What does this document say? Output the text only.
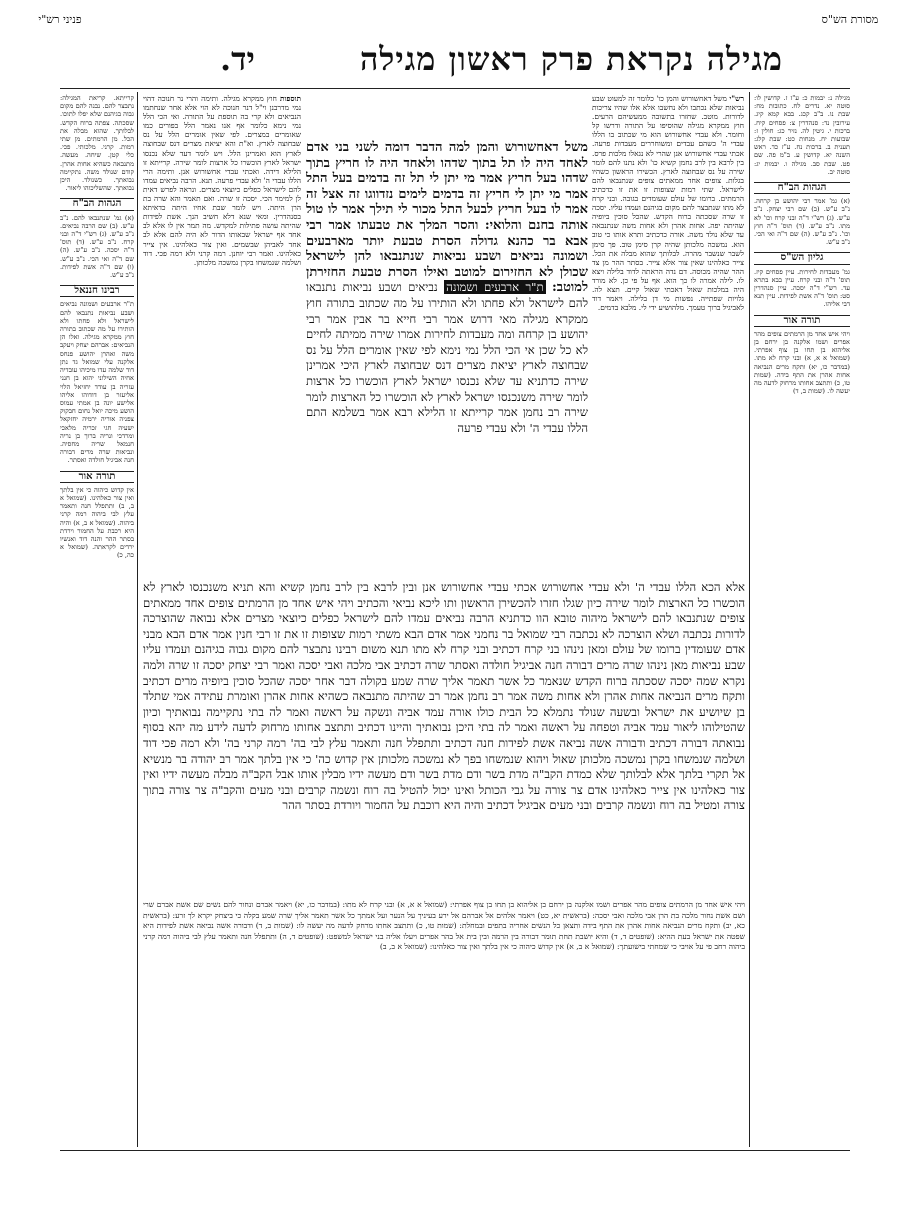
פניני רש"י
יד.	מגילה נקראת פרק ראשון מגילה
מסורת הש"ס

קרייתא. קריאת המגילה: נתבצר להם. נבנה להם מקום גבוה בגיהנם שלא יפלו לתוכו. שסכתה. צפתה ברוח הקדש. לבלותך. שהוא מבלה את הכל. מן הרמתים. מן שתי רמות. קרני. מלכותי. פכי. כלי קטן. שיחה. מעשה. מתנבאה כשהיא אחות אהרן. קודם שנולד משה. נתקיימה נבואתך. כשנולד. היכן נבואתך. שהשליכוהו ליאור.

הגהות הב"ח

(א) גמ' שנתנבאו להם. נ"ב ע"ש. (ב) שם הרבה נביאים. נ"ב ע"ש. (ג) רש"י ד"ה ובני קרח. נ"ב ע"ש. (ד) תוס' ד"ה יסכה. נ"ב ע"ש. (ה) שם ד"ה ואי הכי. נ"ב ע"ש. (ו) שם ד"ה אשת לפידות. נ"ב ע"ש.

רבינו חננאל

ת"ר ארבעים ושמונה נביאים ושבע נביאות נתנבאו להם לישראל ולא פחתו ולא הותירו על מה שכתוב בתורה חוץ ממקרא מגילה. ואלו הן הנביאים: אברהם יצחק ויעקב משה ואהרן יהושע פנחס אלקנה עלי שמואל גד נתן דוד שלמה עדו מיכיהו עובדיה אחיה השילוני יהוא בן חנני עזריה בן עודד יחזיאל הלוי אליעזר בן דודוהו אליהו אלישע יונה בן אמתי עמוס הושע מיכה יואל נחום חבקוק צפניה אוריה ירמיה יחזקאל ישעיה חגי זכריה מלאכי ומרדכי ונריה ברוך בן נריה חנמאל שריה מחסיה. ונביאות שרה מרים דבורה חנה אביגיל חולדה ואסתר.

תורה אור

אין קדוש כיהוה כי אין בלתך ואין צור כאלהינו. (שמואל א ב, ב) ותתפלל חנה ותאמר עלץ לבי ביהוה רמה קרני ביהוה. (שמואל א ב, א) והיה היא רכבת על החמור וירדת בסתר ההר והנה דוד ואנשיו ירדים לקראתה. (שמואל א כה, כ)

תוספות חוץ ממקרא מגילה. ותימה והרי נר חנוכה דהוי נמי מדרבנן וי"ל דנר חנוכה לא הוי אלא אחר שנחתמו הנביאים ולא קרי בה תוספת על התורה. ואי הכי הלל נמי נימא כלומר אף אנו נאמר הלל בפורים כמו שאומרים במצרים. לפי שאין אומרים הלל על נס שבחוצה לארץ. וא"ת והא יציאת מצרים דנס שבחוצה לארץ הוא ואמרינן הלל. ויש לומר דעד שלא נכנסו ישראל לארץ הוכשרו כל ארצות לומר שירה. קרייתא זו הלילא דידה. ואכתי עבדי אחשורוש אנן. ותימה הרי הללו עבדי ה' ולא עבדי פרעה. תנא. הרבה נביאים עמדו להם לישראל כפלים כיוצאי מצרים. ונראה לפרש דאית לן למימר הכי. יסכה זו שרה. ואם תאמר והא שרה בת הרן היתה. ויש לומר שבת אחיו היתה כדאיתא בסנהדרין. ומאי שנא דלא חשיב הנך. אשת לפידות שהיתה עושה פתילות למקדש. מה תמר אין לו אלא לב אחד אף ישראל שבאותו הדור לא היה להם אלא לב אחד לאביהן שבשמים. ואין צור כאלהינו. אין צייר כאלהינו. ואמר רבי יוחנן. רמה קרני ולא רמה פכי. דוד ושלמה שנמשחו בקרן נמשכה מלכותן.

רש"י משל דאחשורוש והמן כו' כלומר זה למעוט שבע נביאות שלא נכתבו ולא נחשבו אלא אלו שהיו צריכות לדורות. מוטב. שחזרו בתשובה ממעשיהם הרעים. חוץ ממקרא מגילה שהוסיפו על התורה ודרשו קל וחומר. ולא עבדי אחשורוש הוא מי שכתוב בו הללו עבדי ה' כשהם עבדים ומשוחררים מעבדות פרעה. אכתי עבדי אחשורוש אנן שהרי לא נגאלו מלכות פרס. בין לרבא בין לרב נחמן קשיא כו' ולא נתנו להם לומר שירה על נס שבחוצה לארץ. הכשירו הראשון כשהיו בגלות. צופים אחד ממאתים צופים שנתנבאו להם לישראל. שתי רמות שצופות זו את זו כדכתיב הרמתים. ברומו של עולם שעומדים בגובה. ובני קרח לא מתו שנתבצר להם מקום בגיהנם ועמדו עליו. יסכה זו שרה שסכתה ברוח הקדש. שהכל סוכין ביופיה שהיתה יפה. אחות אהרן ולא אחות משה שנתנבאה עד שלא נולד משה. אורה כדכתיב ותרא אותו כי טוב הוא. נמשכה מלכותן שהיה קרן סימן טוב. פך סימן לשבר שנשבר מהרה. לבלותך שהוא מבלה את הכל. צייר כאלהינו שאין צור אלא צייר. בסתר ההר מן צד ההר שהיה מכוסה. דם נדה הראתה לדוד בלילה ויצא לו. לילה אמרה לו כך הוא. אף על פי כן. לא מורד היה במלכות שאול דאכתי שאול קיים. תצא לה. גלויות שפתייה. נפשות מי דן בלילה. ויאמר דוד לאביגיל ברוך טעמך. מלהושיע ידי לי. מלבא בדמים.

משל דאחשורוש והמן למה הדבר דומה לשני בני אדם לאחד היה לו תל בתוך שדהו ולאחד היה לו חריץ בתוך שדהו בעל חריץ אמר מי יתן לי תל זה בדמים בעל התל אמר מי יתן לי חריץ זה בדמים לימים נזדווגו זה אצל זה אמר לו בעל חריץ לבעל התל מכור לי תילך אמר לו טול אותה בחנם והלואי: והסר המלך את טבעתו אמר רבי אבא בר כהנא גדולה הסרת טבעת יותר מארבעים ושמונה נביאים ושבע נביאות שנתנבאו להן לישראל שכולן לא החזירום למוטב ואילו הסרת טבעת החזירתן למוטב: ת"ר ארבעים ושמונה נביאים ושבע נביאות נתנבאו להם לישראל ולא פחתו ולא הותירו על מה שכתוב בתורה חוץ ממקרא מגילה מאי דרוש אמר רבי חייא בר אבין אמר רבי יהושע בן קרחה ומה מעבדות לחירות אמרו שירה ממיתה לחיים לא כל שכן אי הכי הלל נמי נימא לפי שאין אומרים הלל על נס שבחוצה לארץ יציאת מצרים דנס שבחוצה לארץ היכי אמרינן שירה כדתניא עד שלא נכנסו ישראל לארץ הוכשרו כל ארצות לומר שירה משנכנסו ישראל לארץ לא הוכשרו כל הארצות לומר שירה רב נחמן אמר קרייתא זו הלילא רבא אמר בשלמא התם הללו עבדי ה' ולא עבדי פרעה

אלא הכא הללו עבדי ה' ולא עבדי אחשורוש אכתי עבדי אחשורוש אנן ובין לרבא בין לרב נחמן קשיא והא תניא משנכנסו לארץ לא הוכשרו כל הארצות לומר שירה כיון שגלו חזרו להכשירן הראשון ותו ליכא נביאי והכתיב ויהי איש אחד מן הרמתים צופים אחד ממאתים צופים שנתנבאו להם לישראל מיהוה טובא הוו כדתניא הרבה נביאים עמדו להם לישראל כפלים כיוצאי מצרים אלא נבואה שהוצרכה לדורות נכתבה ושלא הוצרכה לא נכתבה רבי שמואל בר נחמני אמר אדם הבא משתי רמות שצופות זו את זו רבי חנין אמר אדם הבא מבני אדם שעומדין ברומו של עולם ומאן נינהו בני קרח דכתיב ובני קרח לא מתו תנא משום רבינו נתבצר להם מקום גבוה בגיהנם ועמדו עליו שבע נביאות מאן נינהו שרה מרים דבורה חנה אביגיל חולדה ואסתר שרה דכתיב אבי מלכה ואבי יסכה ואמר רבי יצחק יסכה זו שרה ולמה נקרא שמה יסכה שסכתה ברוח הקדש שנאמר כל אשר תאמר אליך שרה שמע בקולה דבר אחר יסכה שהכל סוכין ביופיה מרים דכתיב ותקח מרים הנביאה אחות אהרן ולא אחות משה אמר רב נחמן אמר רב שהיתה מתנבאה כשהיא אחות אהרן ואומרת עתידה אמי שתלד בן שיושיע את ישראל ובשעה שנולד נתמלא כל הבית כולו אורה עמד אביה ונשקה על ראשה ואמר לה בתי נתקיימה נבואתיך וכיון שהטילוהו ליאור עמד אביה וטפחה על ראשה ואמר לה בתי היכן נבואתיך והיינו דכתיב ותתצב אחותו מרחוק לדעה לידע מה יהא בסוף נבואתה דבורה דכתיב ודבורה אשה נביאה אשת לפידות חנה דכתיב ותתפלל חנה ותאמר עלץ לבי בה' רמה קרני בה' ולא רמה פכי דוד ושלמה שנמשחו בקרן נמשכה מלכותן שאול ויהוא שנמשחו בפך לא נמשכה מלכותן אין קדוש כה' כי אין בלתך אמר רב יהודה בר מנשיא אל תקרי בלתך אלא לבלותך שלא כמדת הקב"ה מדת בשר ודם מדת בשר ודם מעשה ידיו מבלין אותו אבל הקב"ה מבלה מעשה ידיו ואין צור כאלהינו אין צייר כאלהינו אדם צר צורה על גבי הכותל ואינו יכול להטיל בה רוח ונשמה קרבים ובני מעים והקב"ה צר צורה בתוך צורה ומטיל בה רוח ונשמה קרבים ובני מעים אביגיל דכתיב והיה היא רוכבת על החמור ויורדת בסתר ההר

מגילה נ: יבמות כ: ע"ז ז. קדושין לו: סוטה יא. נדרים לח. כתובות מח: שבת נו. ב"ב קכג. בבא קמא קיג. עירובין נד: סנהדרין צ: פסחים קיח. ברכות י. גיטין לה. נזיר כג: חולין ז: שבועות יח. מנחות כט: שבת קלג: תענית ב. ברכות נח. ע"ז כד. ראש השנה יא. קדושין ע. ב"מ פה. שם פט. שבת סב. מגילה ו. יבמות יג: סוטה יב.

הגהות הב"ח

(א) גמ' אמר רבי יהושע בן קרחה. נ"ב ע"ש. (ב) שם רבי יצחק. נ"ב ע"ש. (ג) רש"י ד"ה ובני קרח וכו' לא מתו. נ"ב ע"ש. (ד) תוס' ד"ה חוץ וכו'. נ"ב ע"ש. (ה) שם ד"ה ואי הכי. נ"ב ע"ש.

גליון הש"ס

גמ' מעבדות לחירות. עיין פסחים קיז. תוס' ד"ה ובני קרח. עיין בבא בתרא עד. רש"י ד"ה יסכה. עיין סנהדרין סט: תוס' ד"ה אשת לפידות. עיין תנא דבי אליהו.

תורה אור

ויהי איש אחד מן הרמתים צופים מהר אפרים ושמו אלקנה בן ירחם בן אליהוא בן תחו בן צוף אפרתי. (שמואל א א, א) ובני קרח לא מתו. (במדבר כו, יא) ותקח מרים הנביאה אחות אהרן את התף בידה. (שמות טו, כ) ותתצב אחותו מרחוק לדעה מה יעשה לו. (שמות ב, ד)

ויהי איש אחד מן הרמתים צופים מהר אפרים ושמו אלקנה בן ירחם בן אליהוא בן תחו בן צוף אפרתי: (שמואל א א, א) ובני קרח לא מתו: (במדבר כו, יא) ויאמר אברם ונחור להם נשים שם אשת אברם שרי ושם אשת נחור מלכה בת הרן אבי מלכה ואבי יסכה: (בראשית יא, כט) ויאמר אלהים אל אברהם אל ירע בעיניך על הנער ועל אמתך כל אשר תאמר אליך שרה שמע בקלה כי ביצחק יקרא לך זרע: (בראשית כא, יב) ותקח מרים הנביאה אחות אהרן את התף בידה ותצאן כל הנשים אחריה בתפים ובמחלת: (שמות טו, כ) ותתצב אחתו מרחק לדעה מה יעשה לו: (שמות ב, ד) ודבורה אשה נביאה אשת לפידות היא שפטה את ישראל בעת ההיא: (שופטים ד, ד) והיא יושבת תחת תומר דבורה בין הרמה ובין בית אל בהר אפרים ויעלו אליה בני ישראל למשפט: (שופטים ד, ה) ותתפלל חנה ותאמר עלץ לבי ביהוה רמה קרני ביהוה רחב פי על אויבי כי שמחתי בישועתך: (שמואל א ב, א) אין קדוש כיהוה כי אין בלתך ואין צור כאלהינו: (שמואל א ב, ב)
